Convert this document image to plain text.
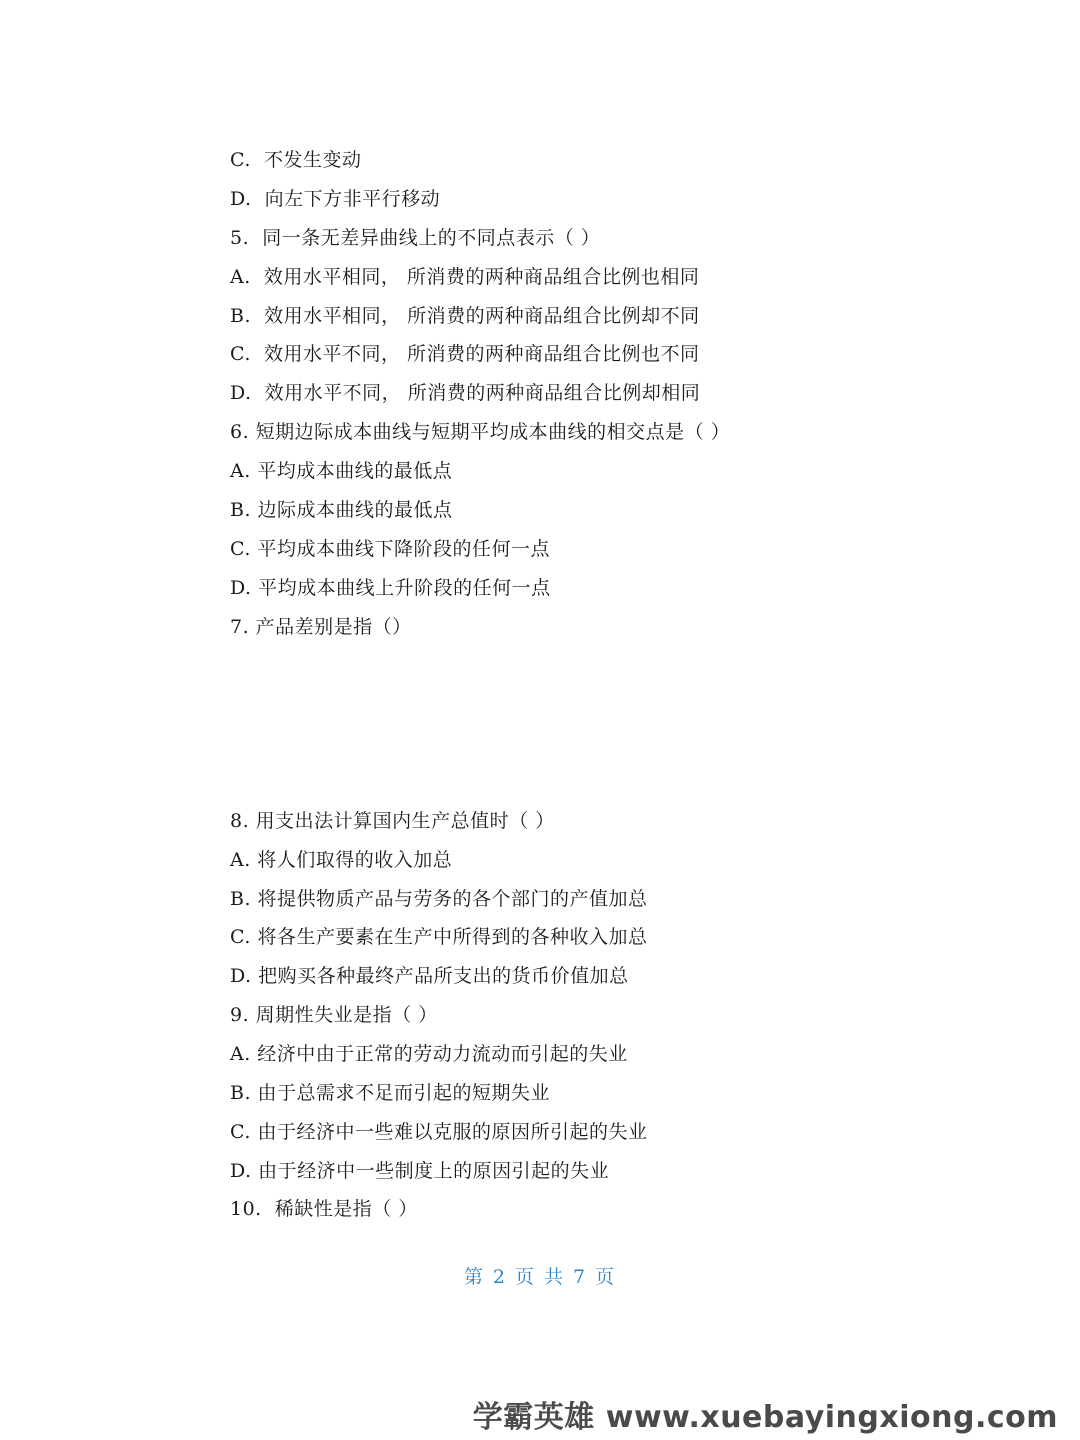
C.  不发生变动
D.  向左下方非平行移动
5.  同一条无差异曲线上的不同点表示（ ）
A.  效用水平相同， 所消费的两种商品组合比例也相同
B.  效用水平相同， 所消费的两种商品组合比例却不同
C.  效用水平不同， 所消费的两种商品组合比例也不同
D.  效用水平不同， 所消费的两种商品组合比例却相同
6. 短期边际成本曲线与短期平均成本曲线的相交点是（ ）
A. 平均成本曲线的最低点
B. 边际成本曲线的最低点
C. 平均成本曲线下降阶段的任何一点
D. 平均成本曲线上升阶段的任何一点
7. 产品差别是指（）
8. 用支出法计算国内生产总值时（ ）
A. 将人们取得的收入加总
B. 将提供物质产品与劳务的各个部门的产值加总
C. 将各生产要素在生产中所得到的各种收入加总
D. 把购买各种最终产品所支出的货币价值加总
9. 周期性失业是指（ ）
A. 经济中由于正常的劳动力流动而引起的失业
B. 由于总需求不足而引起的短期失业
C. 由于经济中一些难以克服的原因所引起的失业
D. 由于经济中一些制度上的原因引起的失业
10.  稀缺性是指（ ）
第 2 页 共 7 页
学霸英雄 www.xuebayingxiong.com
